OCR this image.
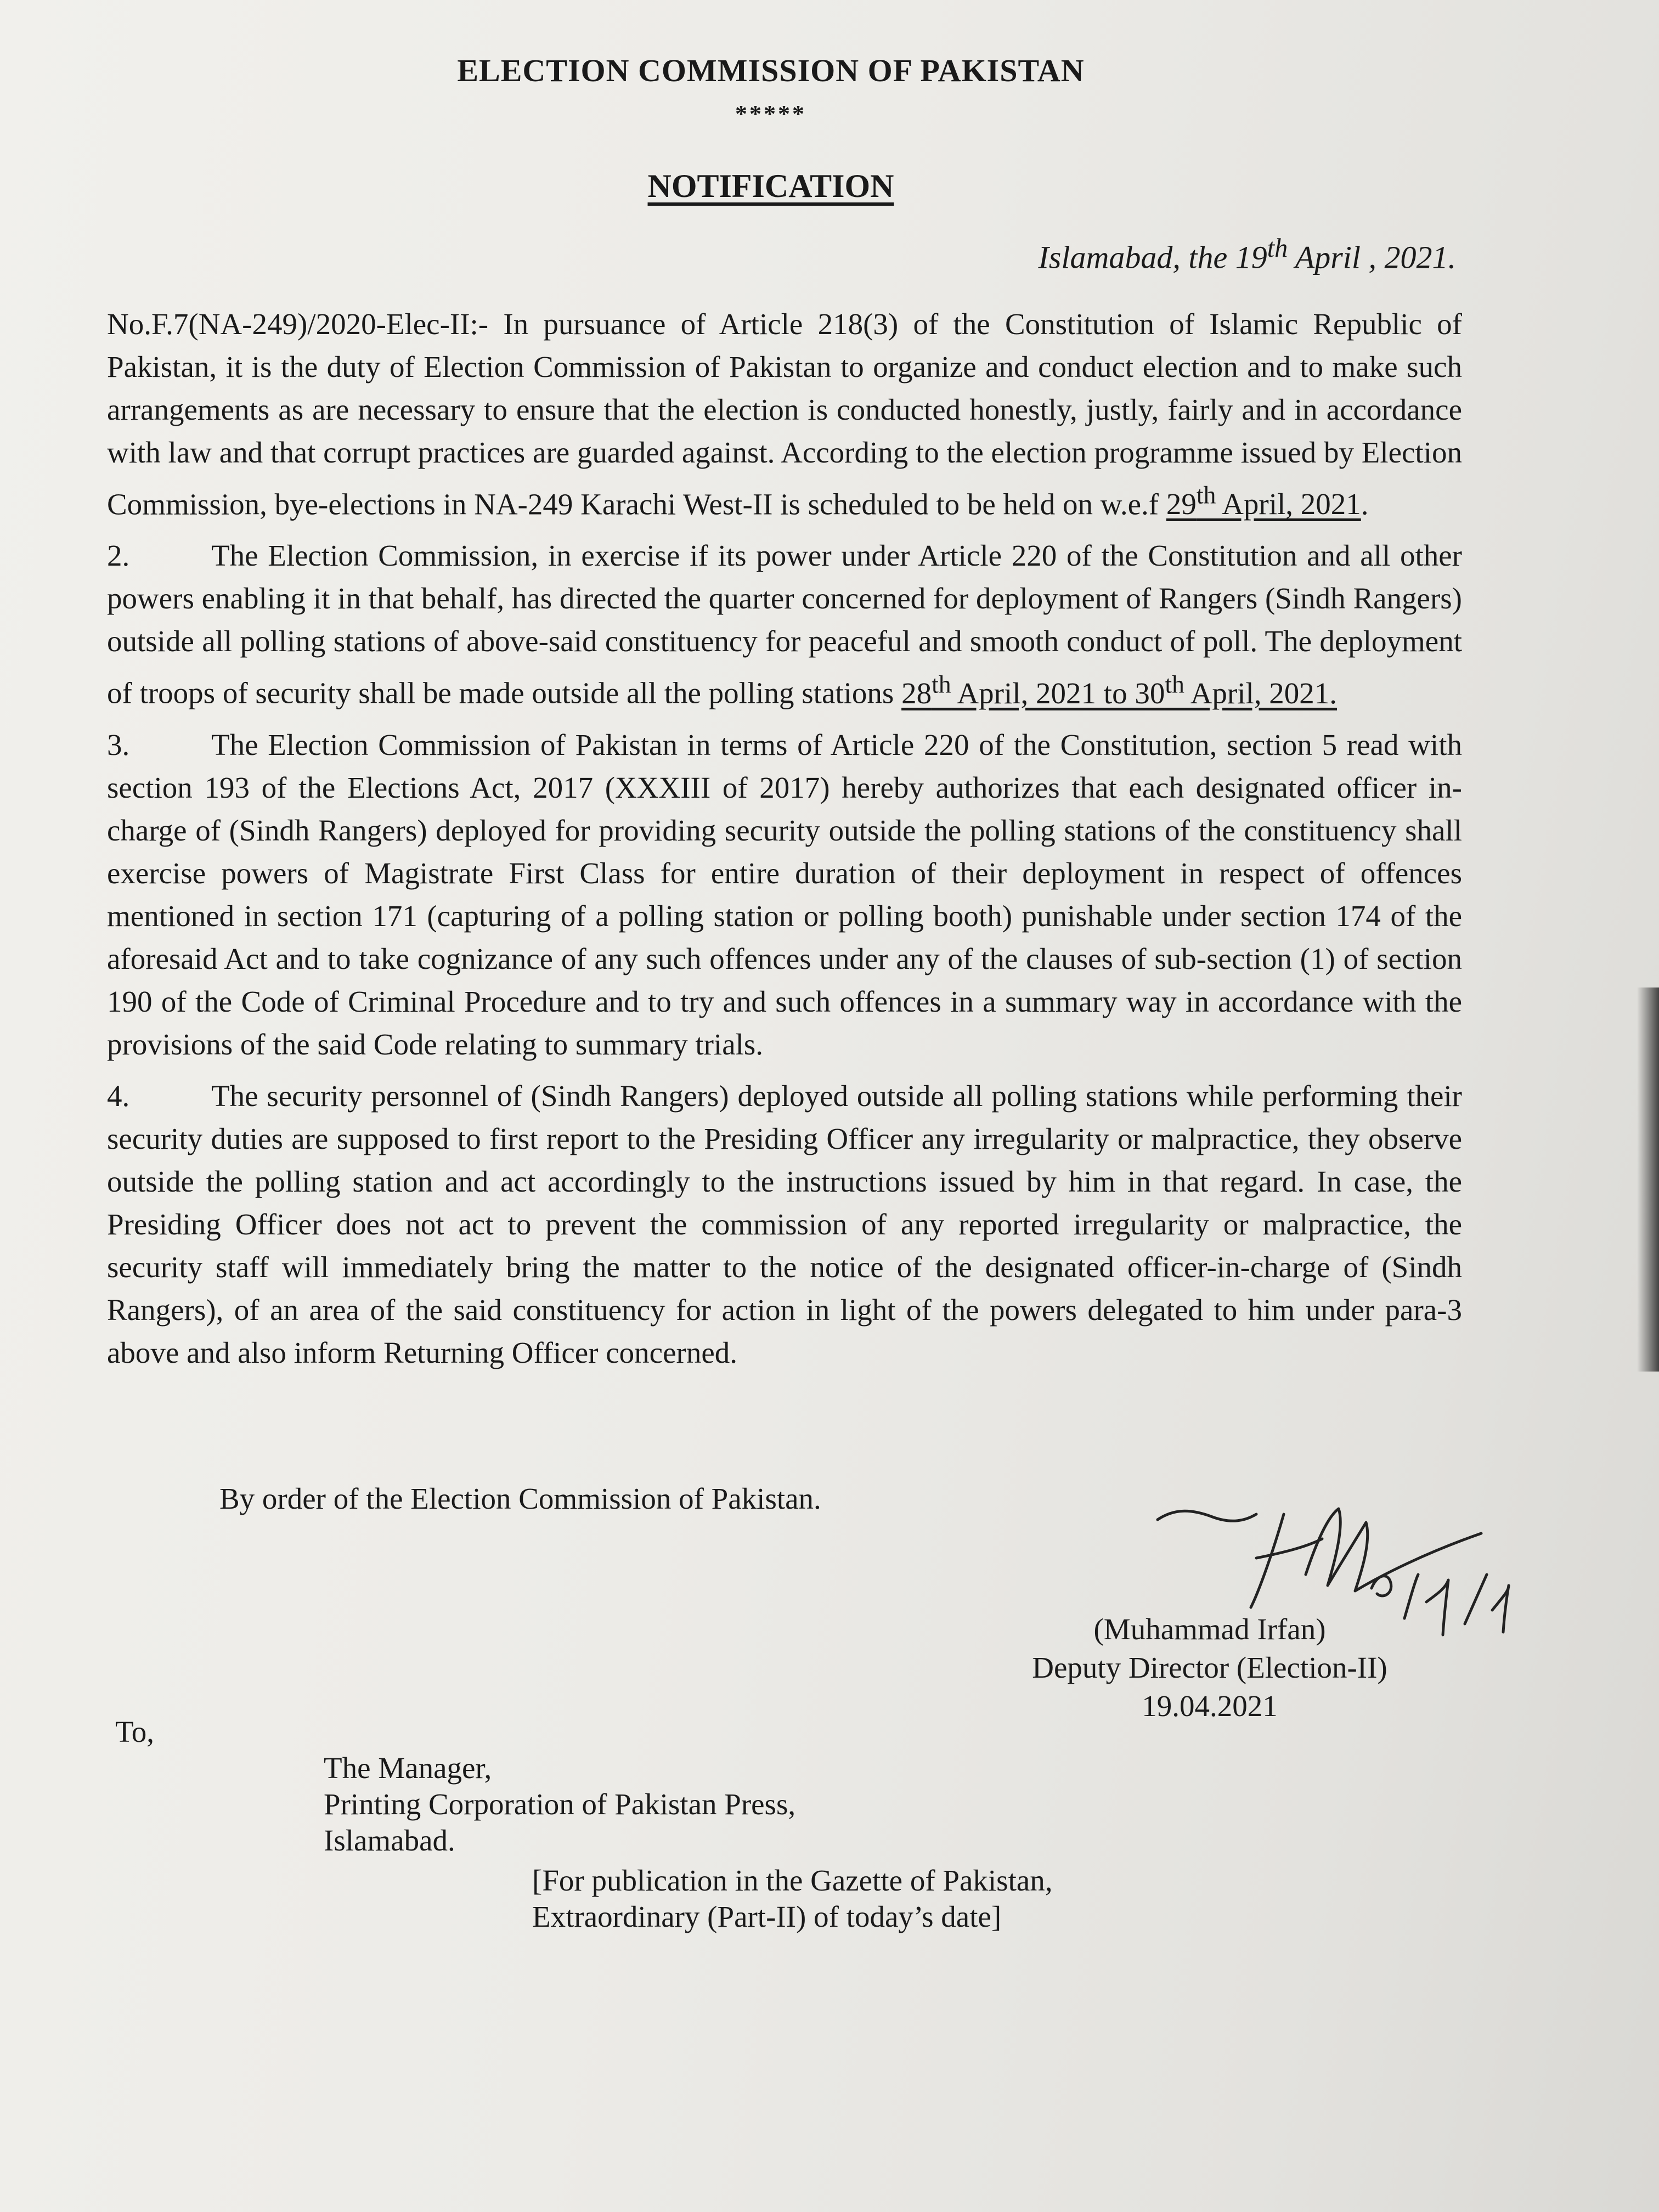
ELECTION COMMISSION OF PAKISTAN
*****
NOTIFICATION
Islamabad, the 19th April , 2021.

No.F.7(NA-249)/2020-Elec-II:- In pursuance of Article 218(3) of the Constitution of Islamic Republic of Pakistan, it is the duty of Election Commission of Pakistan to organize and conduct election and to make such arrangements as are necessary to ensure that the election is conducted honestly, justly, fairly and in accordance with law and that corrupt practices are guarded against. According to the election programme issued by Election Commission, bye-elections in NA-249 Karachi West-II is scheduled to be held on w.e.f 29th April, 2021.

2.	The Election Commission, in exercise if its power under Article 220 of the Constitution and all other powers enabling it in that behalf, has directed the quarter concerned for deployment of Rangers (Sindh Rangers) outside all polling stations of above-said constituency for peaceful and smooth conduct of poll. The deployment of troops of security shall be made outside all the polling stations 28th April, 2021 to 30th April, 2021.

3.	The Election Commission of Pakistan in terms of Article 220 of the Constitution, section 5 read with section 193 of the Elections Act, 2017 (XXXIII of 2017) hereby authorizes that each designated officer in-charge of (Sindh Rangers) deployed for providing security outside the polling stations of the constituency shall exercise powers of Magistrate First Class for entire duration of their deployment in respect of offences mentioned in section 171 (capturing of a polling station or polling booth) punishable under section 174 of the aforesaid Act and to take cognizance of any such offences under any of the clauses of sub-section (1) of section 190 of the Code of Criminal Procedure and to try and such offences in a summary way in accordance with the provisions of the said Code relating to summary trials.

4.	The security personnel of (Sindh Rangers) deployed outside all polling stations while performing their security duties are supposed to first report to the Presiding Officer any irregularity or malpractice, they observe outside the polling station and act accordingly to the instructions issued by him in that regard. In case, the Presiding Officer does not act to prevent the commission of any reported irregularity or malpractice, the security staff will immediately bring the matter to the notice of the designated officer-in-charge of (Sindh Rangers), of an area of the said constituency for action in light of the powers delegated to him under para-3 above and also inform Returning Officer concerned.

By order of the Election Commission of Pakistan.
(Muhammad Irfan)
Deputy Director (Election-II)
19.04.2021
To,
The Manager,
Printing Corporation of Pakistan Press,
Islamabad.
[For publication in the Gazette of Pakistan,
Extraordinary (Part-II) of today’s date]
